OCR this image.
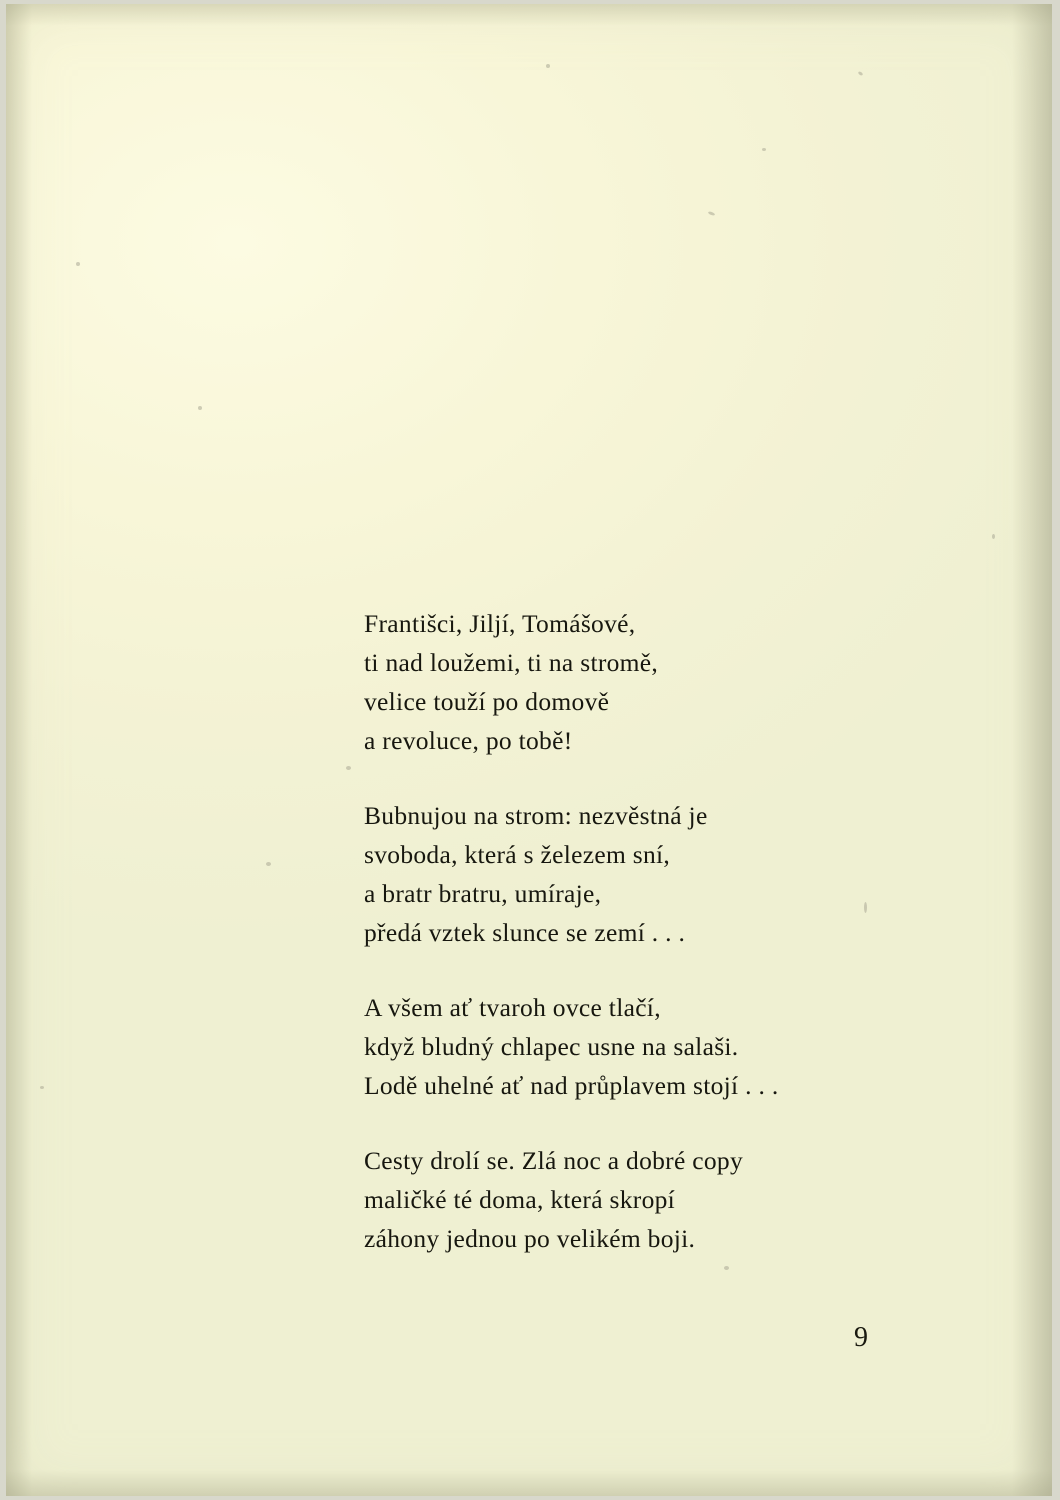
Františci, Jiljí, Tomášové,
ti nad loužemi, ti na stromě,
velice touží po domově
a revoluce, po tobě!
Bubnujou na strom: nezvěstná je
svoboda, která s železem sní,
a bratr bratru, umíraje,
předá vztek slunce se zemí . . .
A všem ať tvaroh ovce tlačí,
když bludný chlapec usne na salaši.
Lodě uhelné ať nad průplavem stojí . . .
Cesty drolí se. Zlá noc a dobré copy
maličké té doma, která skropí
záhony jednou po velikém boji.
9
